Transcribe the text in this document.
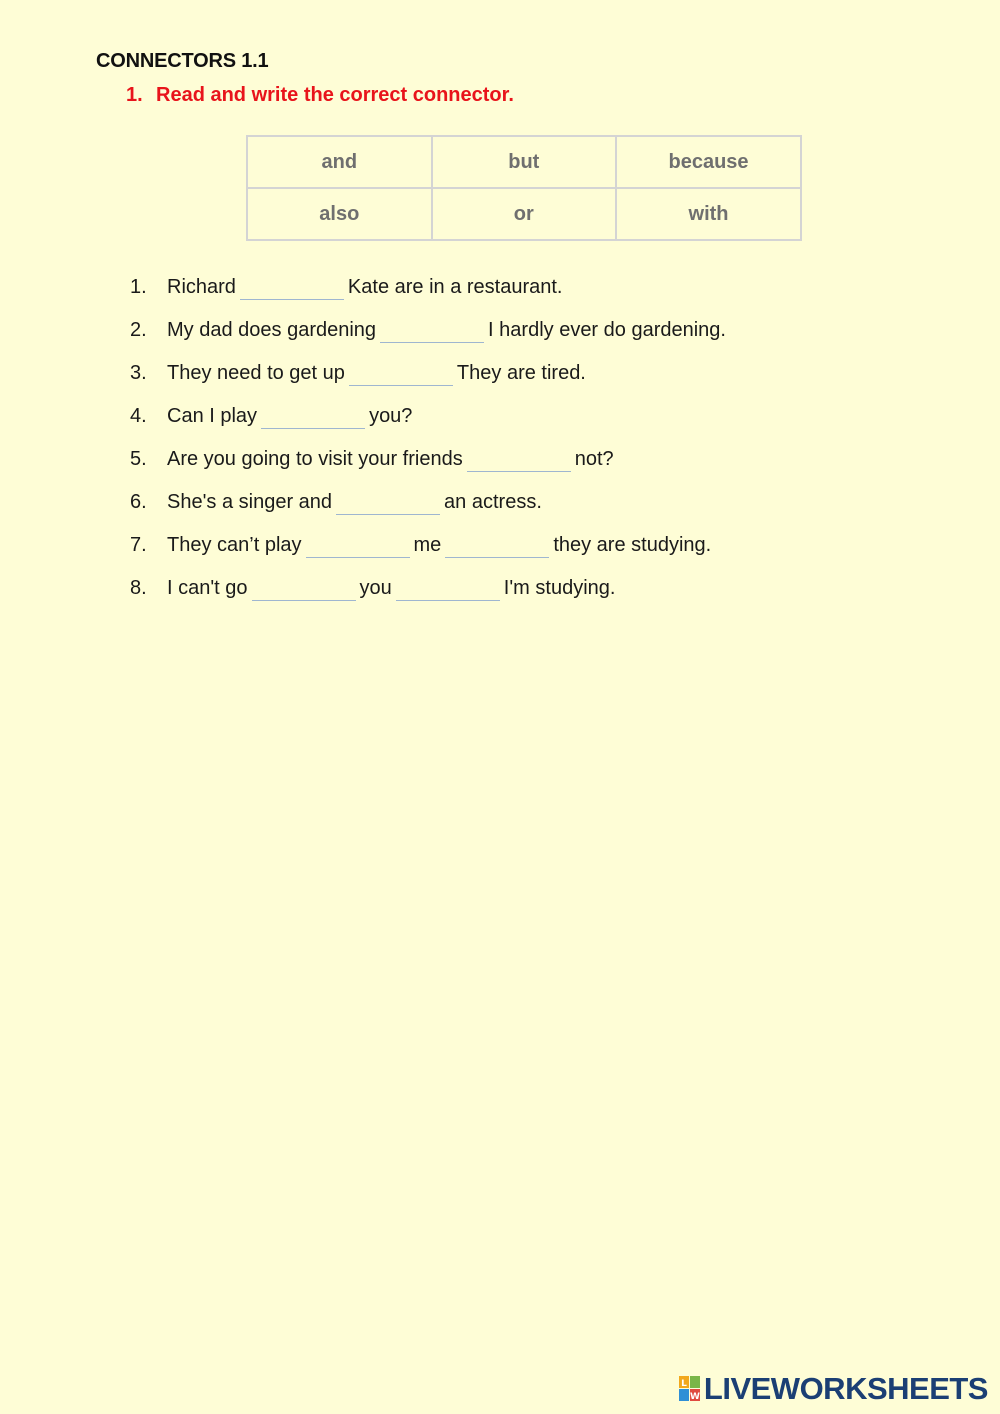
CONNECTORS 1.1
1. Read and write the correct connector.
and	but	because
also	or	with
1. Richard	Kate are in a restaurant.
2. My dad does gardening	I hardly ever do gardening.
3. They need to get up	They are tired.
4. Can I play	you?
5. Are you going to visit your friends	not?
6. She's a singer and	an actress.
7. They can’t play	me	they are studying.
8. I can't go	you	I'm studying.
L
W LIVEWORKSHEETS
